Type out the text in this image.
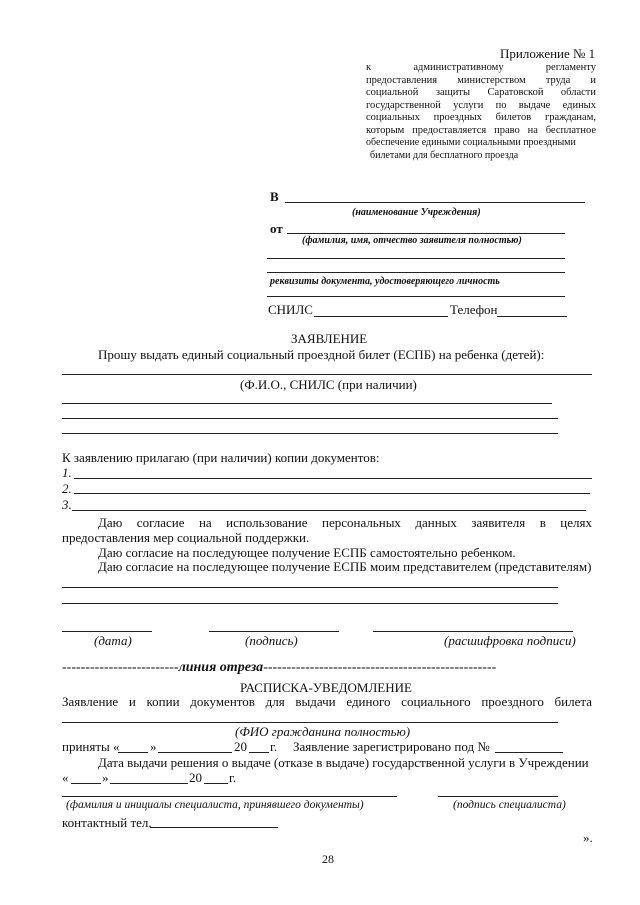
Приложение № 1
к административному регламенту
предоставления министерством труда и
социальной защиты Саратовской области
государственной услуги по выдаче единых
социальных проездных билетов гражданам,
которым предоставляется право на бесплатное
обеспечение едиными социальными проездными
билетами для бесплатного проезда
В
(наименование Учреждения)
от
(фамилия, имя, отчество заявителя полностью)
реквизиты документа, удостоверяющего личность
СНИЛС	Телефон
ЗАЯВЛЕНИЕ
Прошу выдать единый социальный проездной билет (ЕСПБ) на ребенка (детей):
(Ф.И.О., СНИЛС (при наличии)
К заявлению прилагаю (при наличии) копии документов:
1.
2.
3.
Даю согласие на использование персональных данных заявителя в целях
предоставления мер социальной поддержки.
Даю согласие на последующее получение ЕСПБ самостоятельно ребенком.
Даю согласие на последующее получение ЕСПБ моим представителем (представителям)
(дата)	(подпись)	(расшифровка подписи)
-------------------------линия отреза--------------------------------------------------
РАСПИСКА-УВЕДОМЛЕНИЕ
Заявление и копии документов для выдачи единого социального проездного билета
(ФИО гражданина полностью)
приняты « »	20 г. Заявление зарегистрировано под №
Дата выдачи решения о выдаче (отказе в выдаче) государственной услуги в Учреждении
«	»	20 г.
(фамилия и инициалы специалиста, принявшего документы)	(подпись специалиста)
контактный тел.
».
28
